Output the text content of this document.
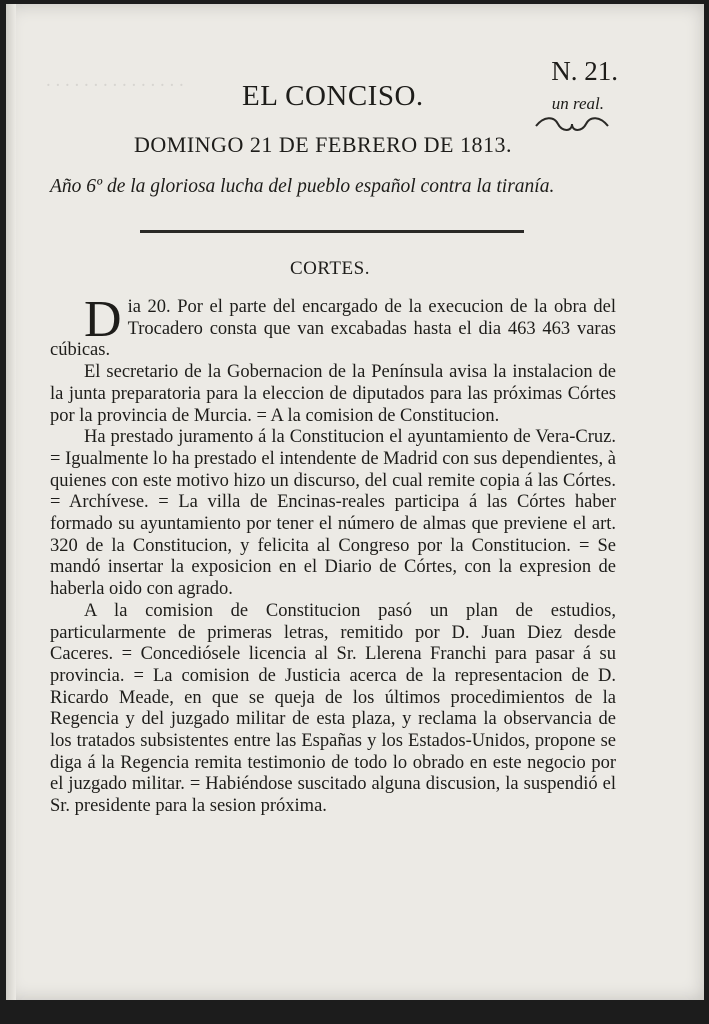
. . . . . . . . . . . . . . . EL CONCISO.
N. 21.
un real.
DOMINGO 21 DE FEBRERO DE 1813.
Año 6º de la gloriosa lucha del pueblo español contra la tiranía.
CORTES.

Dia 20. Por el parte del encargado de la execucion de la obra del Trocadero consta que van excabadas hasta el dia 463 463 varas cúbicas.

El secretario de la Gobernacion de la Península avisa la instalacion de la junta preparatoria para la eleccion de diputados para las próximas Córtes por la provincia de Murcia. = A la comision de Constitucion.

Ha prestado juramento á la Constitucion el ayuntamiento de Vera-Cruz. = Igualmente lo ha prestado el intendente de Madrid con sus dependientes, à quienes con este motivo hizo un discurso, del cual remite copia á las Córtes. = Archívese. = La villa de Encinas-reales participa á las Córtes haber formado su ayuntamiento por tener el número de almas que previene el art. 320 de la Constitucion, y felicita al Congreso por la Constitucion. = Se mandó insertar la exposicion en el Diario de Córtes, con la expresion de haberla oido con agrado.

A la comision de Constitucion pasó un plan de estudios, particularmente de primeras letras, remitido por D. Juan Diez desde Caceres. = Concediósele licencia al Sr. Llerena Franchi para pasar á su provincia. = La comision de Justicia acerca de la representacion de D. Ricardo Meade, en que se queja de los últimos procedimientos de la Regencia y del juzgado militar de esta plaza, y reclama la observancia de los tratados subsistentes entre las Españas y los Estados-Unidos, propone se diga á la Regencia remita testimonio de todo lo obrado en este negocio por el juzgado militar. = Habiéndose suscitado alguna discusion, la suspendió el Sr. presidente para la sesion próxima.
